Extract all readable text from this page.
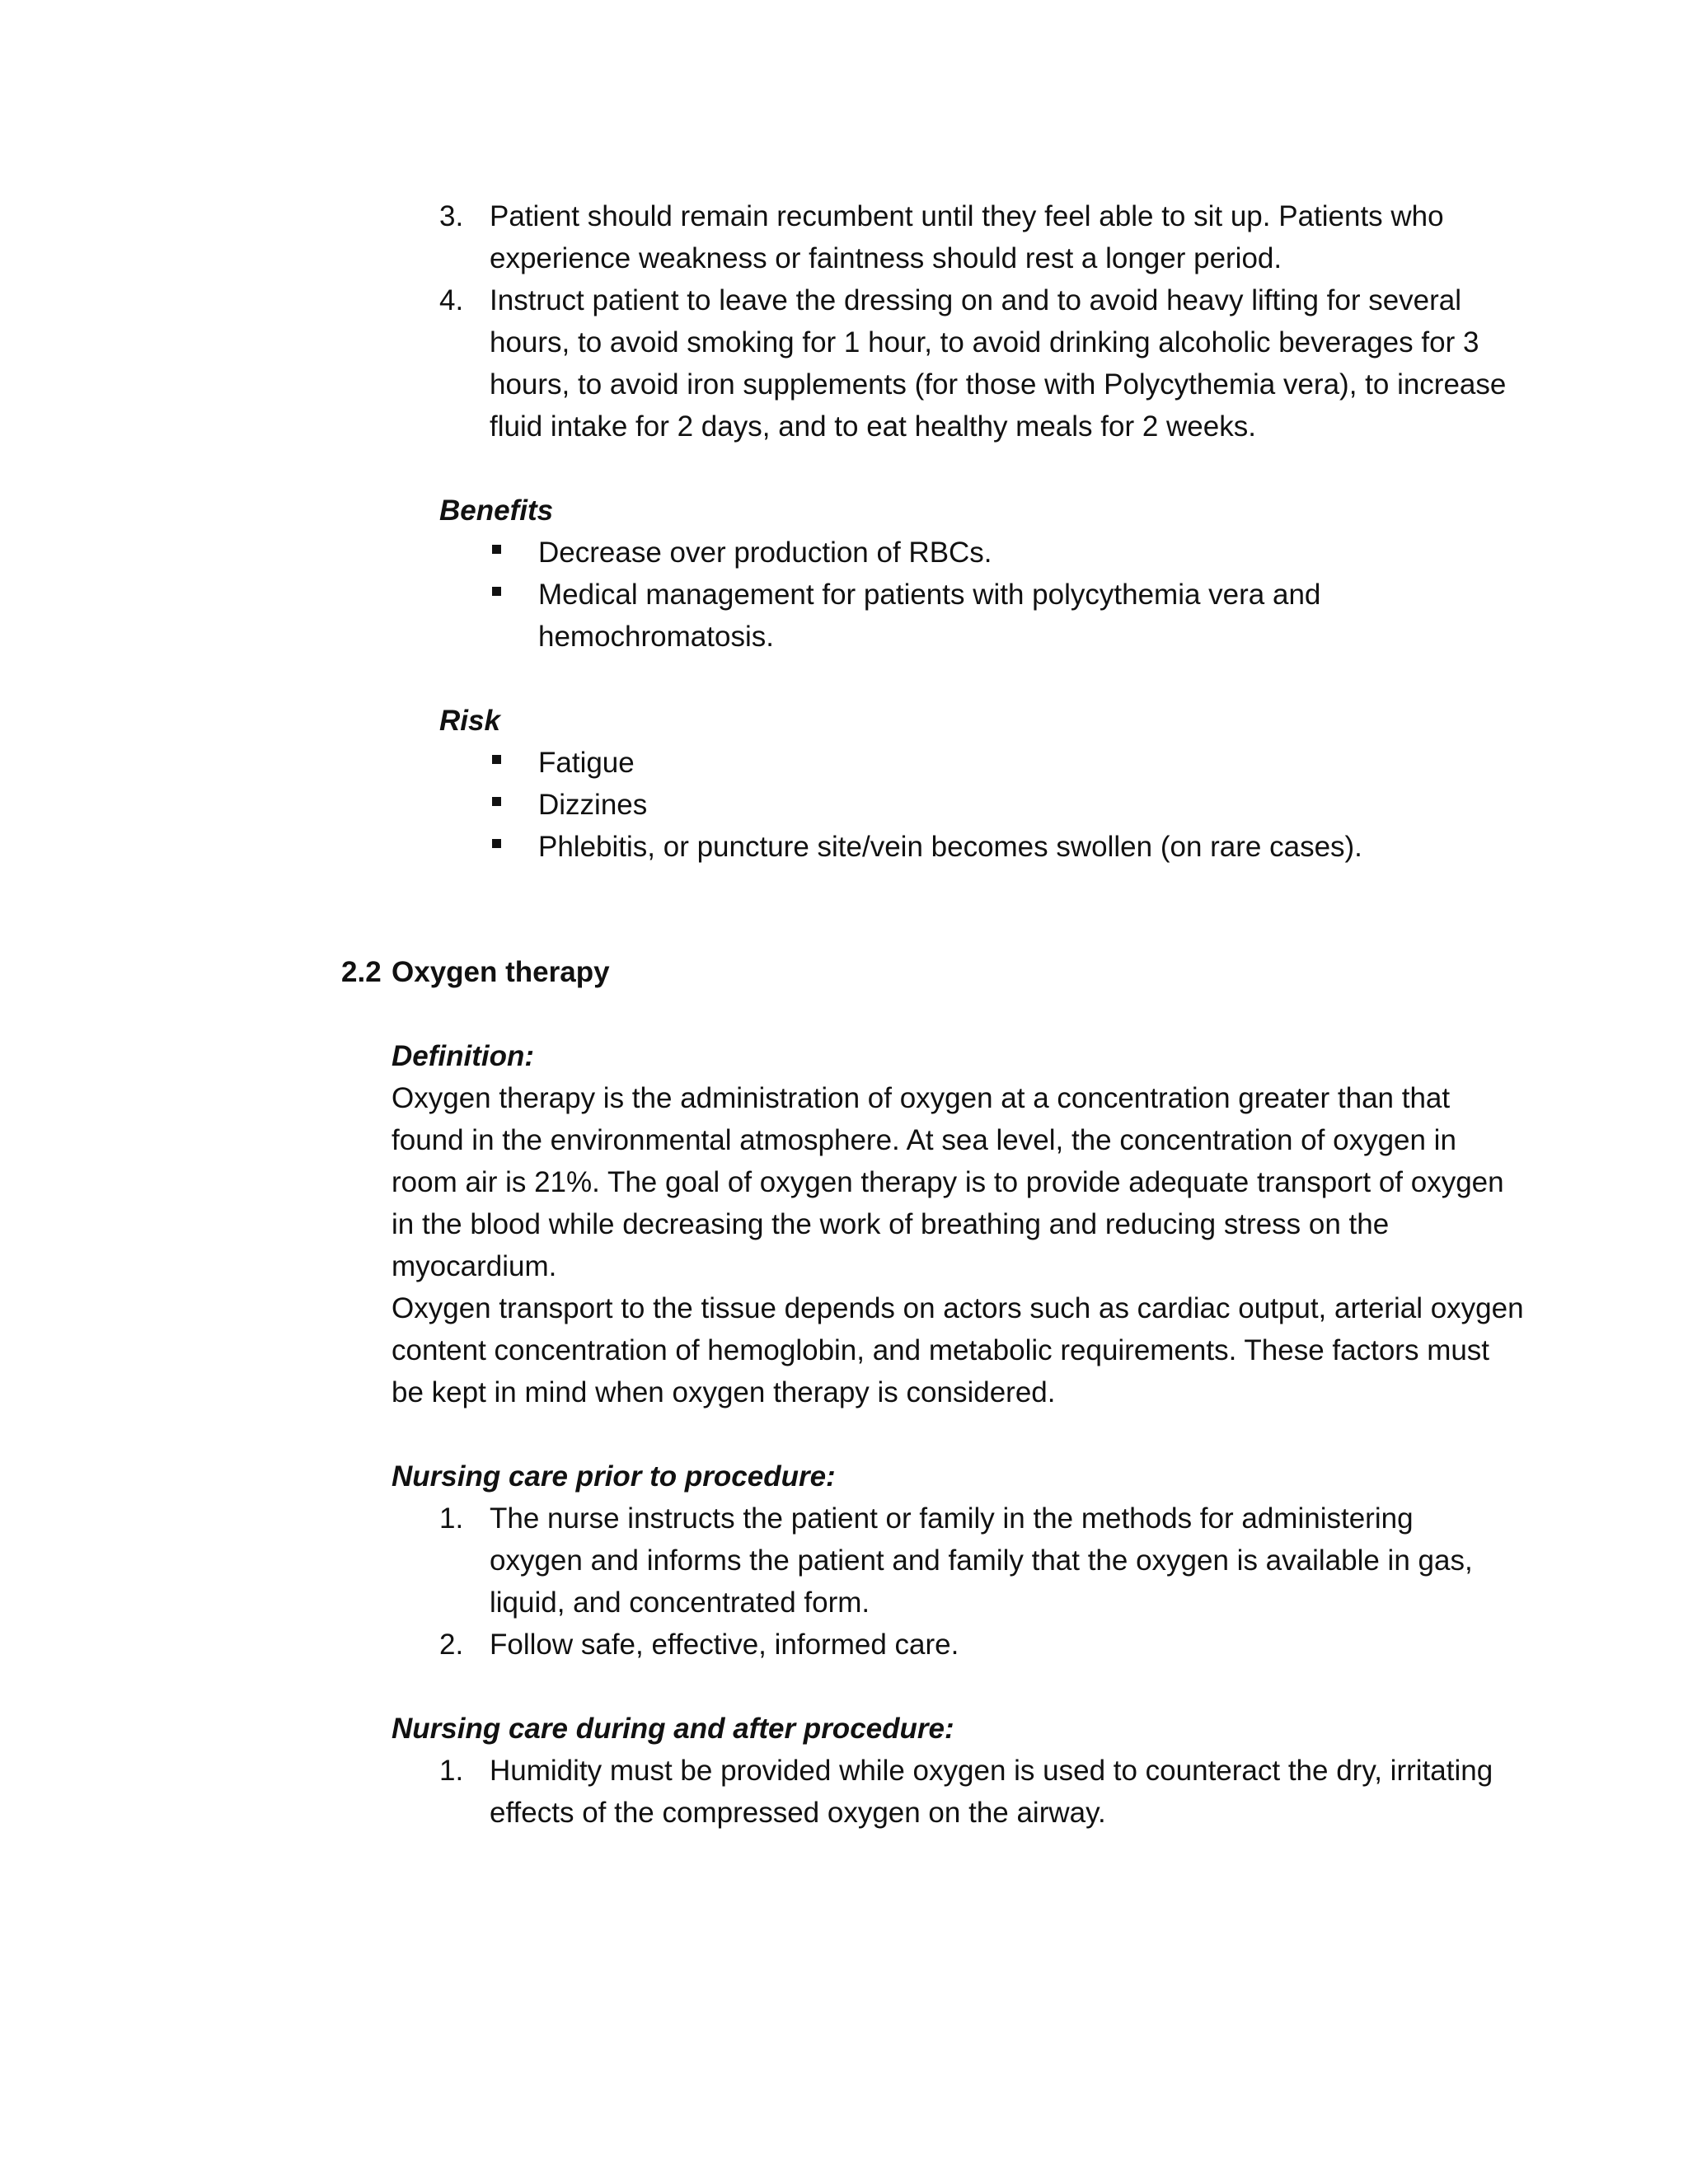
3. Patient should remain recumbent until they feel able to sit up. Patients who
experience weakness or faintness should rest a longer period.
4. Instruct patient to leave the dressing on and to avoid heavy lifting for several
hours, to avoid smoking for 1 hour, to avoid drinking alcoholic beverages for 3
hours, to avoid iron supplements (for those with Polycythemia vera), to increase
fluid intake for 2 days, and to eat healthy meals for 2 weeks.
Benefits
Decrease over production of RBCs.
Medical management for patients with polycythemia vera and
hemochromatosis.
Risk
Fatigue
Dizzines
Phlebitis, or puncture site/vein becomes swollen (on rare cases).
2.2 Oxygen therapy
Definition:
Oxygen therapy is the administration of oxygen at a concentration greater than that
found in the environmental atmosphere. At sea level, the concentration of oxygen in
room air is 21%. The goal of oxygen therapy is to provide adequate transport of oxygen
in the blood while decreasing the work of breathing and reducing stress on the
myocardium.
Oxygen transport to the tissue depends on actors such as cardiac output, arterial oxygen
content concentration of hemoglobin, and metabolic requirements. These factors must
be kept in mind when oxygen therapy is considered.
Nursing care prior to procedure:
1. The nurse instructs the patient or family in the methods for administering
oxygen and informs the patient and family that the oxygen is available in gas,
liquid, and concentrated form.
2. Follow safe, effective, informed care.
Nursing care during and after procedure:
1. Humidity must be provided while oxygen is used to counteract the dry, irritating
effects of the compressed oxygen on the airway.
